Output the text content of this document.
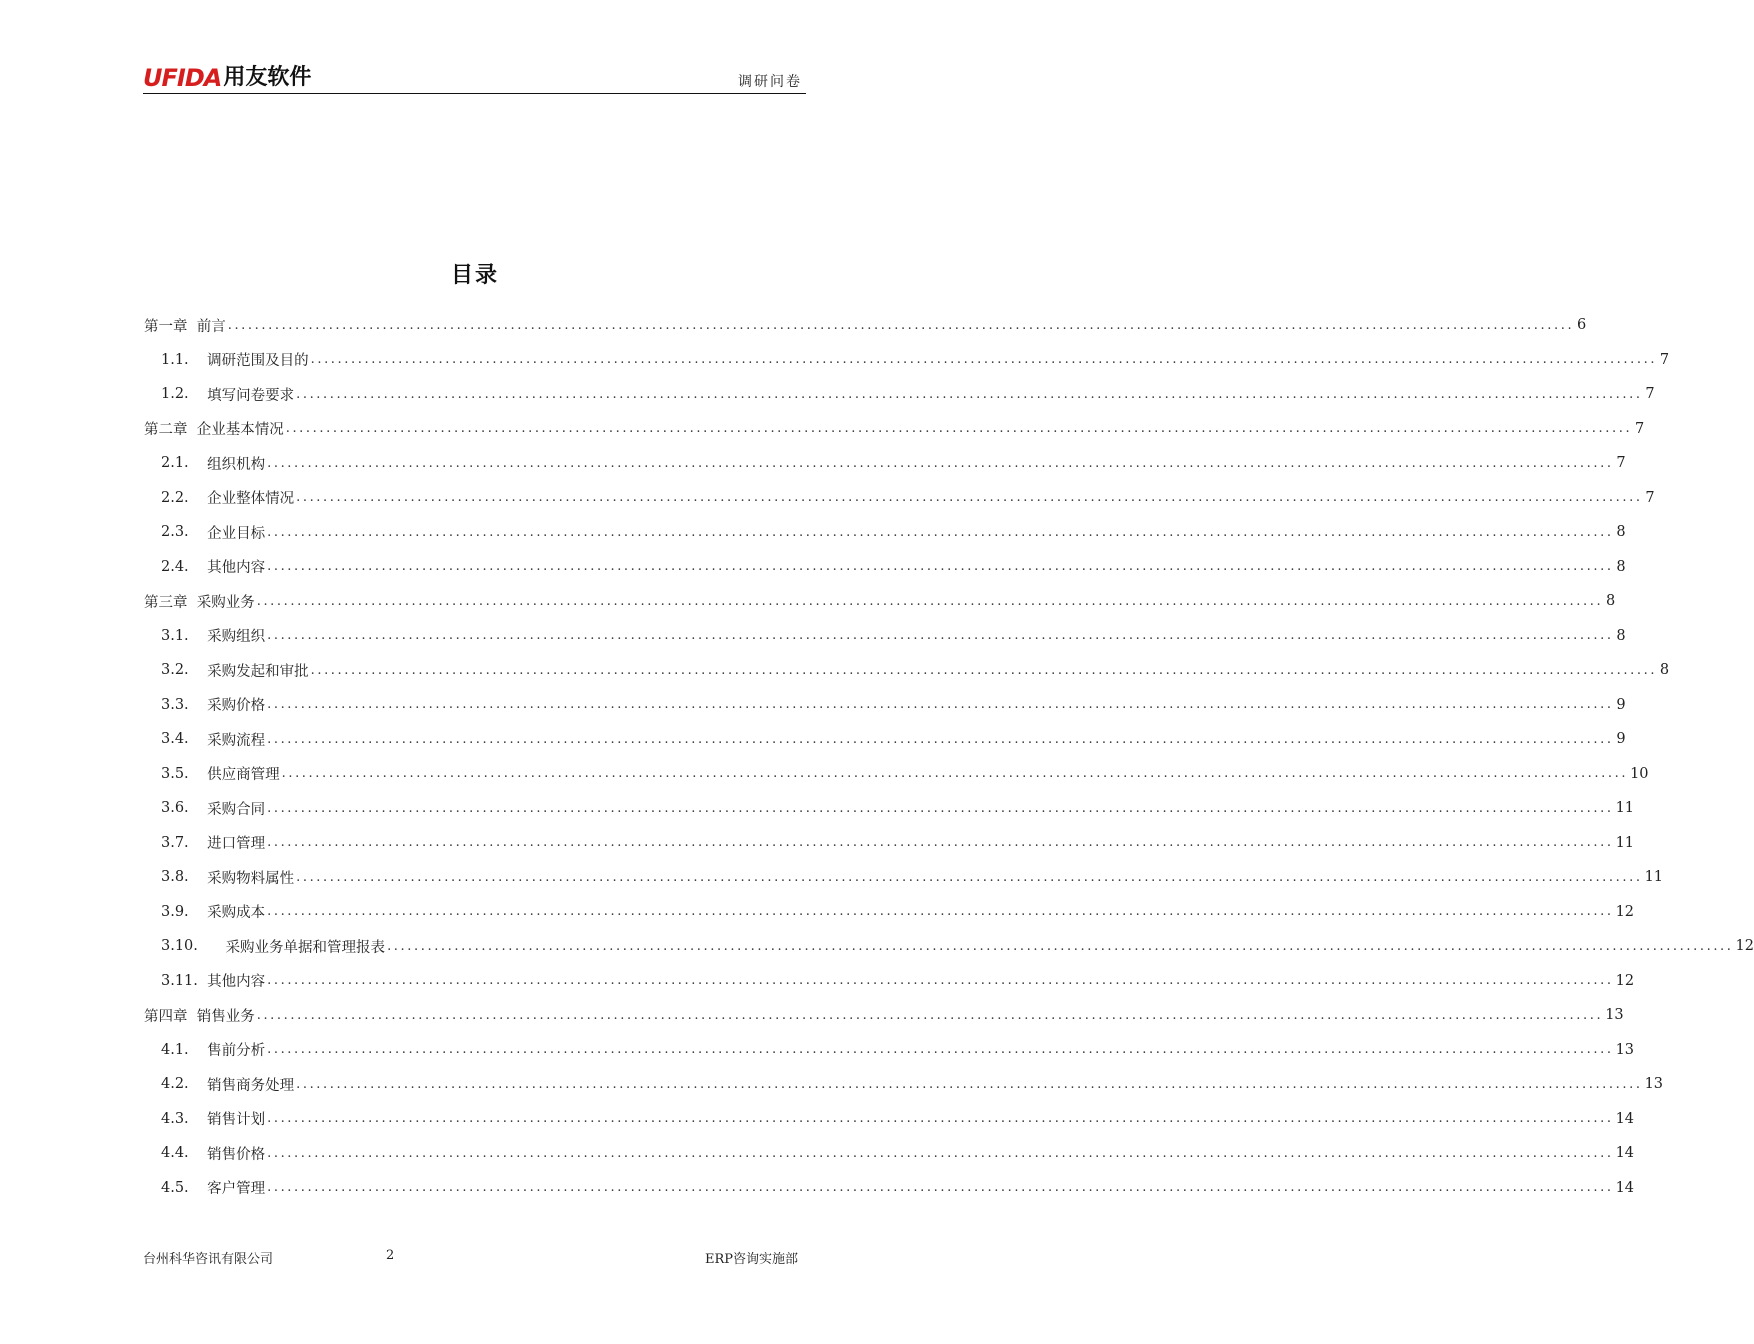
UFIDA 用友软件	调研问卷
目录
第一章 前言 ........................................................................................................................................................................................................ 6
1.1. 调研范围及目的 ........................................................................................................................................................................................................ 7
1.2. 填写问卷要求 ........................................................................................................................................................................................................ 7
第二章 企业基本情况 ........................................................................................................................................................................................................ 7
2.1. 组织机构 ........................................................................................................................................................................................................ 7
2.2. 企业整体情况 ........................................................................................................................................................................................................ 7
2.3. 企业目标 ........................................................................................................................................................................................................ 8
2.4. 其他内容 ........................................................................................................................................................................................................ 8
第三章 采购业务 ........................................................................................................................................................................................................ 8
3.1. 采购组织 ........................................................................................................................................................................................................ 8
3.2. 采购发起和审批 ........................................................................................................................................................................................................ 8
3.3. 采购价格 ........................................................................................................................................................................................................ 9
3.4. 采购流程 ........................................................................................................................................................................................................ 9
3.5. 供应商管理 ........................................................................................................................................................................................................ 10
3.6. 采购合同 ........................................................................................................................................................................................................ 11
3.7. 进口管理 ........................................................................................................................................................................................................ 11
3.8. 采购物料属性 ........................................................................................................................................................................................................ 11
3.9. 采购成本 ........................................................................................................................................................................................................ 12
3.10. 采购业务单据和管理报表 ........................................................................................................................................................................................................ 12
3.11. 其他内容 ........................................................................................................................................................................................................ 12
第四章 销售业务 ........................................................................................................................................................................................................ 13
4.1. 售前分析 ........................................................................................................................................................................................................ 13
4.2. 销售商务处理 ........................................................................................................................................................................................................ 13
4.3. 销售计划 ........................................................................................................................................................................................................ 14
4.4. 销售价格 ........................................................................................................................................................................................................ 14
4.5. 客户管理 ........................................................................................................................................................................................................ 14
台州科华咨讯有限公司	2	ERP咨询实施部
